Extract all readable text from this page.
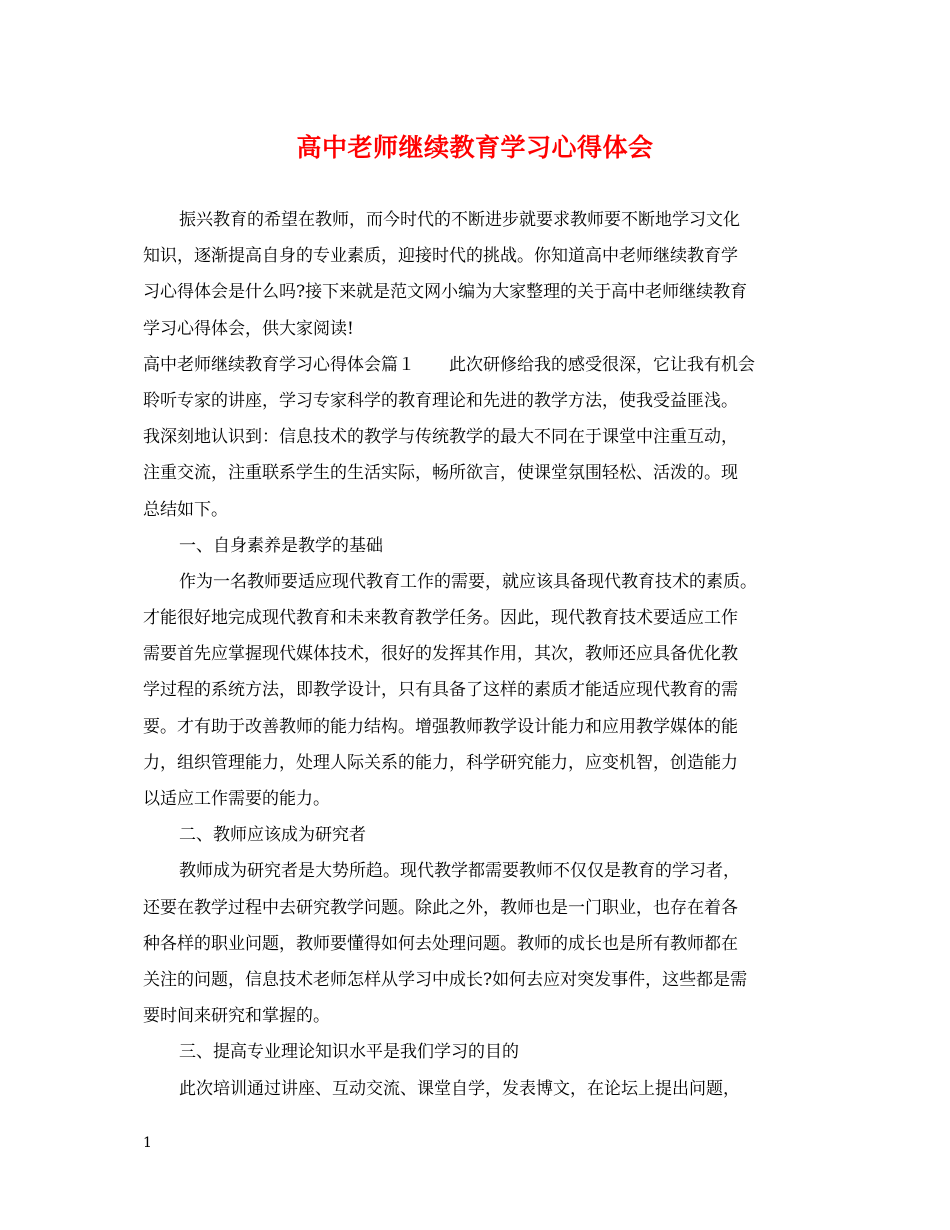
高中老师继续教育学习心得体会
振兴教育的希望在教师，而今时代的不断进步就要求教师要不断地学习文化
知识，逐渐提高自身的专业素质，迎接时代的挑战。你知道高中老师继续教育学
习心得体会是什么吗?接下来就是范文网小编为大家整理的关于高中老师继续教育
学习心得体会，供大家阅读!
高中老师继续教育学习心得体会篇１　　此次研修给我的感受很深，它让我有机会
聆听专家的讲座，学习专家科学的教育理论和先进的教学方法，使我受益匪浅。
我深刻地认识到：信息技术的教学与传统教学的最大不同在于课堂中注重互动，
注重交流，注重联系学生的生活实际，畅所欲言，使课堂氛围轻松、活泼的。现
总结如下。
一、自身素养是教学的基础
作为一名教师要适应现代教育工作的需要，就应该具备现代教育技术的素质。
才能很好地完成现代教育和未来教育教学任务。因此，现代教育技术要适应工作
需要首先应掌握现代媒体技术，很好的发挥其作用，其次，教师还应具备优化教
学过程的系统方法，即教学设计，只有具备了这样的素质才能适应现代教育的需
要。才有助于改善教师的能力结构。增强教师教学设计能力和应用教学媒体的能
力，组织管理能力，处理人际关系的能力，科学研究能力，应变机智，创造能力
以适应工作需要的能力。
二、教师应该成为研究者
教师成为研究者是大势所趋。现代教学都需要教师不仅仅是教育的学习者，
还要在教学过程中去研究教学问题。除此之外，教师也是一门职业，也存在着各
种各样的职业问题，教师要懂得如何去处理问题。教师的成长也是所有教师都在
关注的问题，信息技术老师怎样从学习中成长?如何去应对突发事件，这些都是需
要时间来研究和掌握的。
三、提高专业理论知识水平是我们学习的目的
此次培训通过讲座、互动交流、课堂自学，发表博文，在论坛上提出问题，
1
